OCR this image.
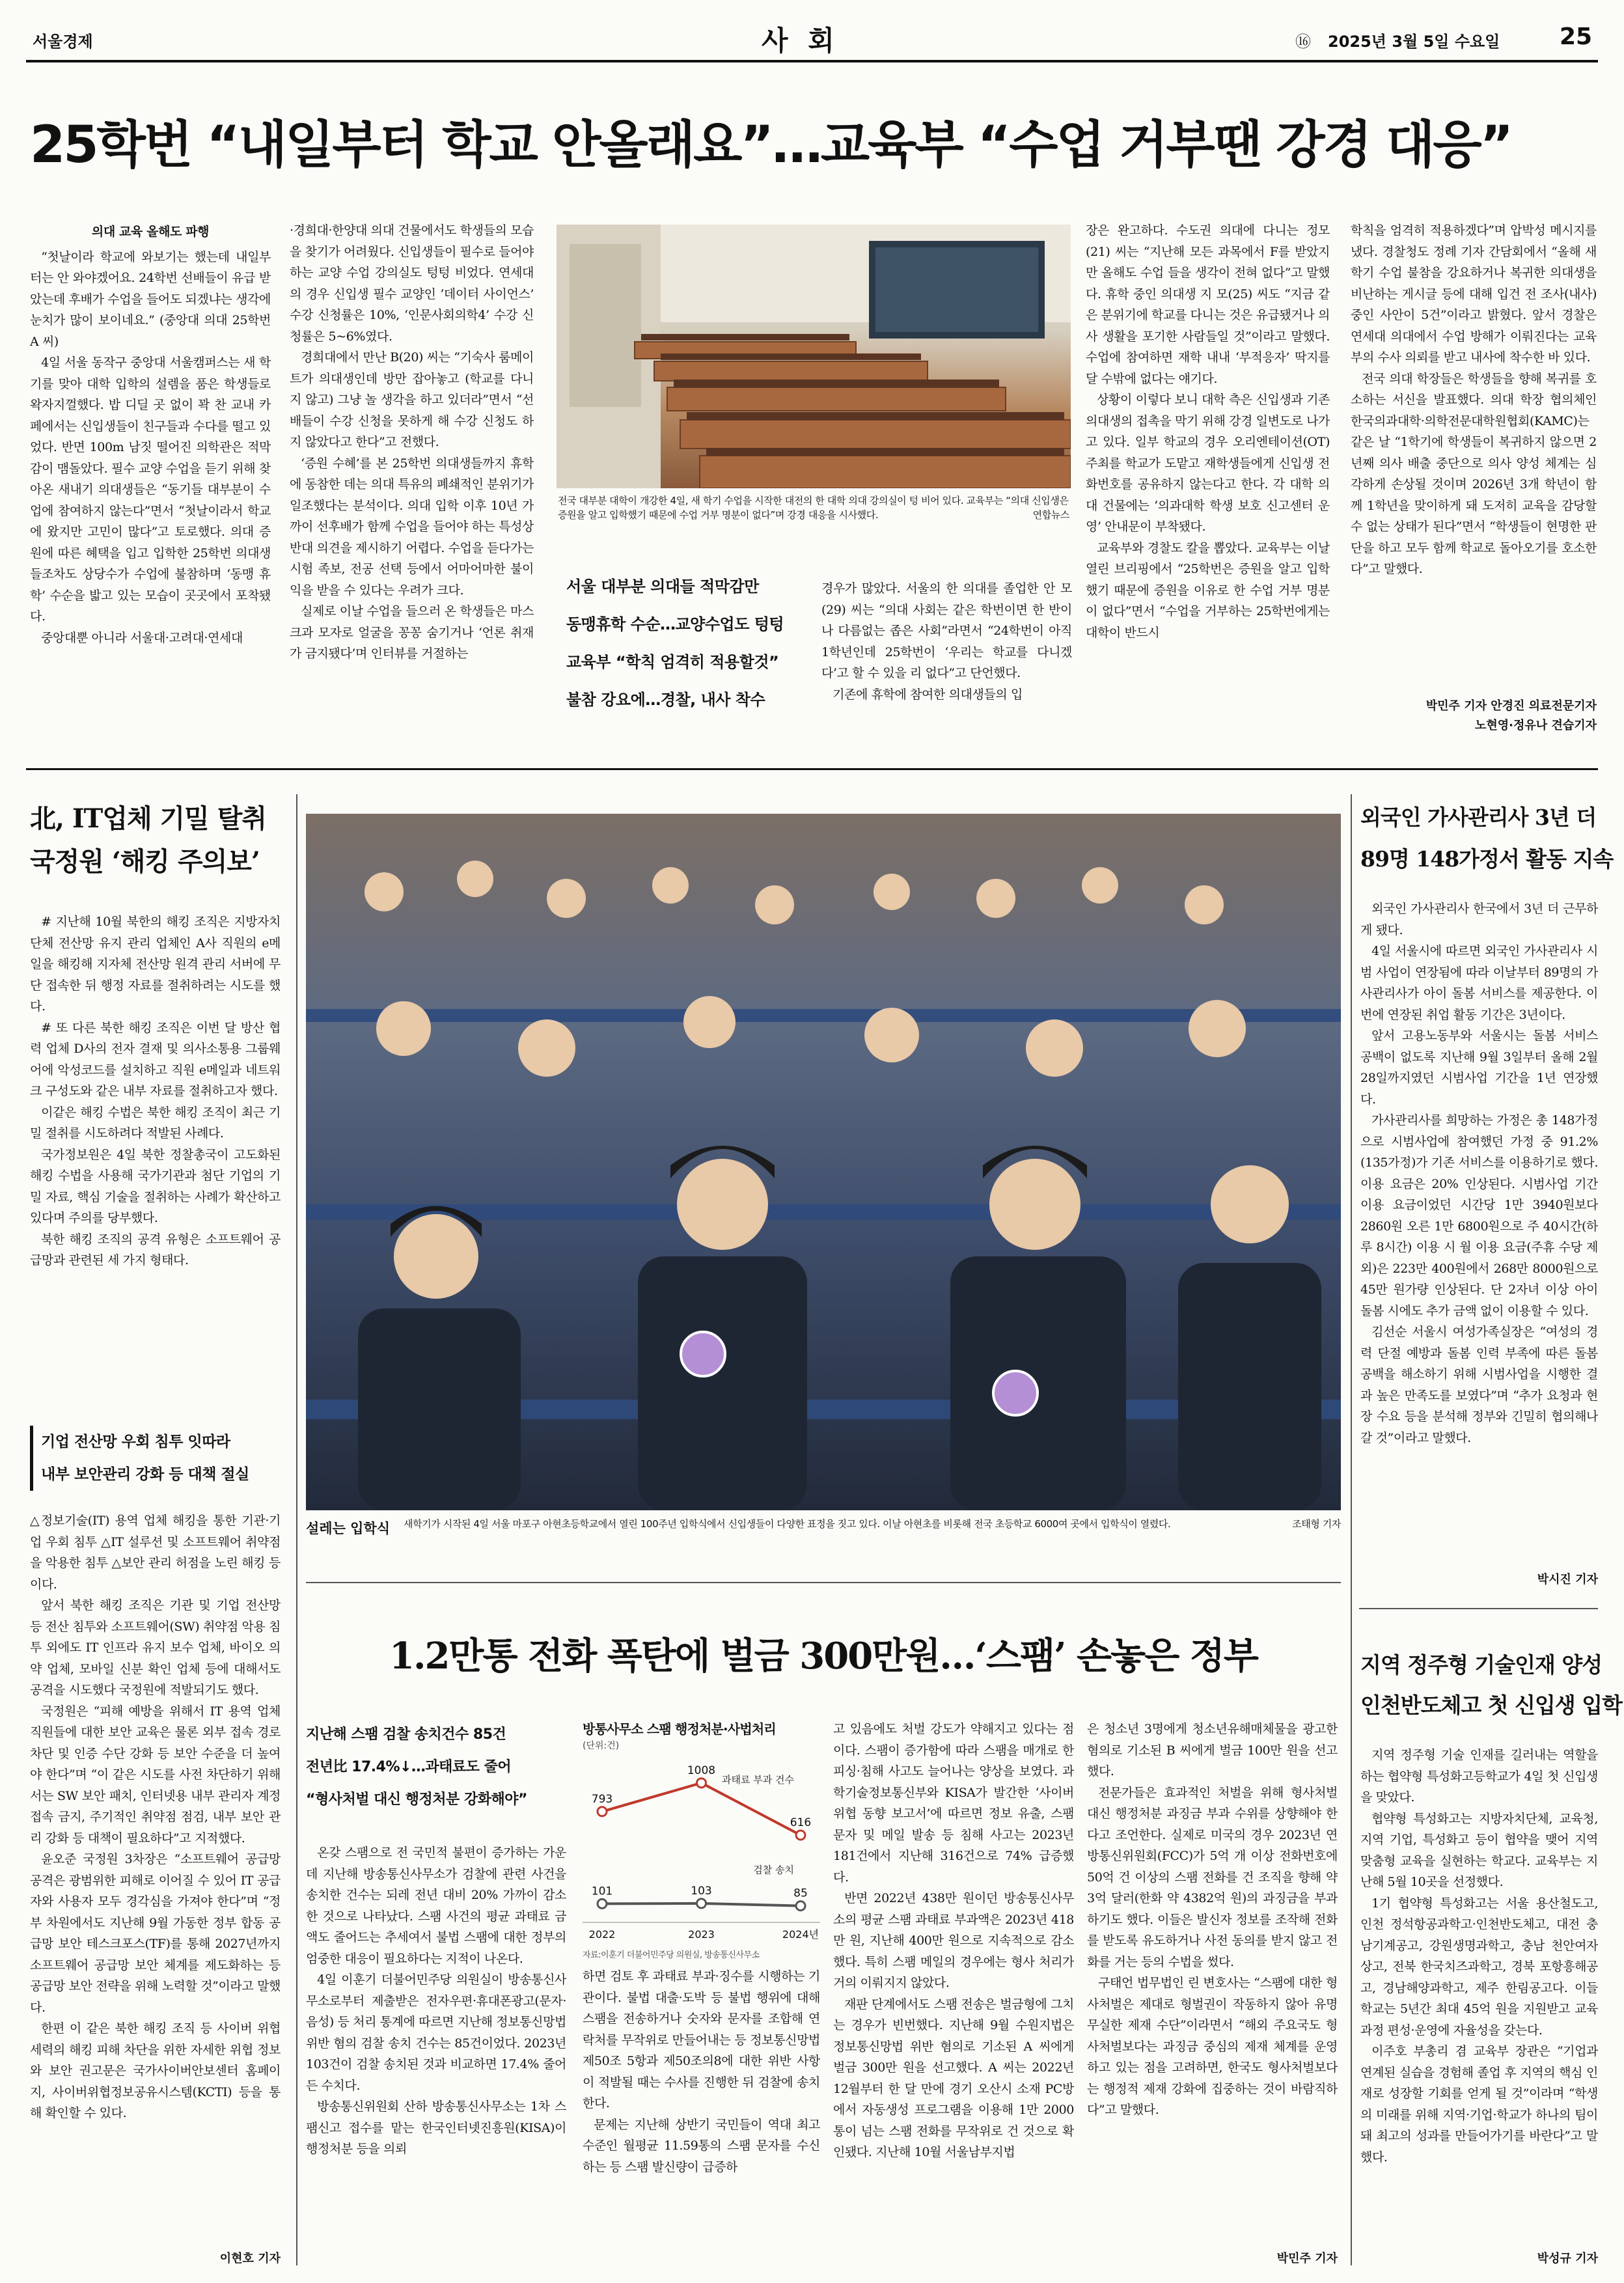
서울경제	사 회	⑯ 2025년 3월 5일 수요일	25
25학번 “내일부터 학교 안올래요”…교육부 “수업 거부땐 강경 대응”

의대 교육 올해도 파행

“첫날이라 학교에 와보기는 했는데 내일부터는 안 와야겠어요. 24학번 선배들이 유급 받았는데 후배가 수업을 들어도 되겠냐는 생각에 눈치가 많이 보이네요.” (중앙대 의대 25학번 A 씨)

4일 서울 동작구 중앙대 서울캠퍼스는 새 학기를 맞아 대학 입학의 설렘을 품은 학생들로 왁자지껄했다. 밥 디딜 곳 없이 꽉 찬 교내 카페에서는 신입생들이 친구들과 수다를 떨고 있었다. 반면 100m 남짓 떨어진 의학관은 적막감이 맴돌았다. 필수 교양 수업을 듣기 위해 찾아온 새내기 의대생들은 “동기들 대부분이 수업에 참여하지 않는다”면서 “첫날이라서 학교에 왔지만 고민이 많다”고 토로했다. 의대 증원에 따른 혜택을 입고 입학한 25학번 의대생들조차도 상당수가 수업에 불참하며 ‘동맹 휴학’ 수순을 밟고 있는 모습이 곳곳에서 포착됐다.

중앙대뿐 아니라 서울대·고려대·연세대

·경희대·한양대 의대 건물에서도 학생들의 모습을 찾기가 어려웠다. 신입생들이 필수로 들어야 하는 교양 수업 강의실도 텅텅 비었다. 연세대의 경우 신입생 필수 교양인 ‘데이터 사이언스’ 수강 신청률은 10%, ‘인문사회의학4’ 수강 신청률은 5~6%였다.

경희대에서 만난 B(20) 씨는 “기숙사 룸메이트가 의대생인데 방만 잡아놓고 (학교를 다니지 않고) 그냥 놀 생각을 하고 있더라”면서 “선배들이 수강 신청을 못하게 해 수강 신청도 하지 않았다고 한다”고 전했다.

‘증원 수혜’를 본 25학번 의대생들까지 휴학에 동참한 데는 의대 특유의 폐쇄적인 분위기가 일조했다는 분석이다. 의대 입학 이후 10년 가까이 선후배가 함께 수업을 들어야 하는 특성상 반대 의견을 제시하기 어렵다. 수업을 듣다가는 시험 족보, 전공 선택 등에서 어마어마한 불이익을 받을 수 있다는 우려가 크다.

실제로 이날 수업을 들으러 온 학생들은 마스크과 모자로 얼굴을 꽁꽁 숨기거나 ‘언론 취재가 금지됐다’며 인터뷰를 거절하는

전국 대부분 대학이 개강한 4일, 새 학기 수업을 시작한 대전의 한 대학 의대 강의실이 텅 비어 있다. 교육부는 “의대 신입생은 증원을 알고 입학했기 때문에 수업 거부 명분이 없다”며 강경 대응을 시사했다.	연합뉴스
서울 대부분 의대들 적막감만
동맹휴학 수순…교양수업도 텅텅
교육부 “학칙 엄격히 적용할것”
불참 강요에…경찰, 내사 착수

경우가 많았다. 서울의 한 의대를 졸업한 안 모(29) 씨는 “의대 사회는 같은 학번이면 한 반이나 다름없는 좁은 사회”라면서 “24학번이 아직 1학년인데 25학번이 ‘우리는 학교를 다니겠다’고 할 수 있을 리 없다”고 단언했다.

기존에 휴학에 참여한 의대생들의 입

장은 완고하다. 수도권 의대에 다니는 정모(21) 씨는 “지난해 모든 과목에서 F를 받았지만 올해도 수업 들을 생각이 전혀 없다”고 말했다. 휴학 중인 의대생 지 모(25) 씨도 “지금 같은 분위기에 학교를 다니는 것은 유급됐거나 의사 생활을 포기한 사람들일 것”이라고 말했다. 수업에 참여하면 재학 내내 ‘부적응자’ 딱지를 달 수밖에 없다는 얘기다.

상황이 이렇다 보니 대학 측은 신입생과 기존 의대생의 접촉을 막기 위해 강경 일변도로 나가고 있다. 일부 학교의 경우 오리엔테이션(OT) 주최를 학교가 도맡고 재학생들에게 신입생 전화번호를 공유하지 않는다고 한다. 각 대학 의대 건물에는 ‘의과대학 학생 보호 신고센터 운영’ 안내문이 부착됐다.

교육부와 경찰도 칼을 뽑았다. 교육부는 이날 열린 브리핑에서 “25학번은 증원을 알고 입학했기 때문에 증원을 이유로 한 수업 거부 명분이 없다”면서 “수업을 거부하는 25학번에게는 대학이 반드시

학칙을 엄격히 적용하겠다”며 압박성 메시지를 냈다. 경찰청도 정례 기자 간담회에서 “올해 새 학기 수업 불참을 강요하거나 복귀한 의대생을 비난하는 게시글 등에 대해 입건 전 조사(내사) 중인 사안이 5건”이라고 밝혔다. 앞서 경찰은 연세대 의대에서 수업 방해가 이뤄진다는 교육부의 수사 의뢰를 받고 내사에 착수한 바 있다.

전국 의대 학장들은 학생들을 향해 복귀를 호소하는 서신을 발표했다. 의대 학장 협의체인 한국의과대학·의학전문대학원협회(KAMC)는 같은 날 “1학기에 학생들이 복귀하지 않으면 2년째 의사 배출 중단으로 의사 양성 체계는 심각하게 손상될 것이며 2026년 3개 학년이 함께 1학년을 맞이하게 돼 도저히 교육을 감당할 수 없는 상태가 된다”면서 “학생들이 현명한 판단을 하고 모두 함께 학교로 돌아오기를 호소한다”고 말했다.

박민주 기자 안경진 의료전문기자
노현영·정유나 견습기자
北, IT업체 기밀 탈취
국정원 ‘해킹 주의보’

# 지난해 10월 북한의 해킹 조직은 지방자치단체 전산망 유지 관리 업체인 A사 직원의 e메일을 해킹해 지자체 전산망 원격 관리 서버에 무단 접속한 뒤 행정 자료를 절취하려는 시도를 했다.

# 또 다른 북한 해킹 조직은 이번 달 방산 협력 업체 D사의 전자 결재 및 의사소통용 그룹웨어에 악성코드를 설치하고 직원 e메일과 네트워크 구성도와 같은 내부 자료를 절취하고자 했다.

이같은 해킹 수법은 북한 해킹 조직이 최근 기밀 절취를 시도하려다 적발된 사례다.

국가정보원은 4일 북한 정찰총국이 고도화된 해킹 수법을 사용해 국가기관과 첨단 기업의 기밀 자료, 핵심 기술을 절취하는 사례가 확산하고 있다며 주의를 당부했다.

북한 해킹 조직의 공격 유형은 소프트웨어 공급망과 관련된 세 가지 형태다.

기업 전산망 우회 침투 잇따라
내부 보안관리 강화 등 대책 절실

△정보기술(IT) 용역 업체 해킹을 통한 기관·기업 우회 침투 △IT 설루션 및 소프트웨어 취약점을 악용한 침투 △보안 관리 허점을 노린 해킹 등이다.

앞서 북한 해킹 조직은 기관 및 기업 전산망 등 전산 침투와 소프트웨어(SW) 취약점 악용 침투 외에도 IT 인프라 유지 보수 업체, 바이오 의약 업체, 모바일 신분 확인 업체 등에 대해서도 공격을 시도했다 국정원에 적발되기도 했다.

국정원은 “피해 예방을 위해서 IT 용역 업체 직원들에 대한 보안 교육은 물론 외부 접속 경로 차단 및 인증 수단 강화 등 보안 수준을 더 높여야 한다”며 “이 같은 시도를 사전 차단하기 위해서는 SW 보안 패치, 인터넷용 내부 관리자 계정 접속 금지, 주기적인 취약점 점검, 내부 보안 관리 강화 등 대책이 필요하다”고 지적했다.

윤오준 국정원 3차장은 “소프트웨어 공급망 공격은 광범위한 피해로 이어질 수 있어 IT 공급자와 사용자 모두 경각심을 가져야 한다”며 “정부 차원에서도 지난해 9월 가동한 정부 합동 공급망 보안 테스크포스(TF)를 통해 2027년까지 소프트웨어 공급망 보안 체계를 제도화하는 등 공급망 보안 전략을 위해 노력할 것”이라고 말했다.

한편 이 같은 북한 해킹 조직 등 사이버 위협 세력의 해킹 피해 차단을 위한 자세한 위협 정보와 보안 권고문은 국가사이버안보센터 홈페이지, 사이버위협정보공유시스템(KCTI) 등을 통해 확인할 수 있다.

이현호 기자
설레는 입학식 새학기가 시작된 4일 서울 마포구 아현초등학교에서 열린 100주년 입학식에서 신입생들이 다양한 표정을 짓고 있다. 이날 아현초를 비롯해 전국 초등학교 6000여 곳에서 입학식이 열렸다.	조태형 기자
외국인 가사관리사 3년 더
89명 148가정서 활동 지속

외국인 가사관리사 한국에서 3년 더 근무하게 됐다.

4일 서울시에 따르면 외국인 가사관리사 시범 사업이 연장됨에 따라 이날부터 89명의 가사관리사가 아이 돌봄 서비스를 제공한다. 이번에 연장된 취업 활동 기간은 3년이다.

앞서 고용노동부와 서울시는 돌봄 서비스 공백이 없도록 지난해 9월 3일부터 올해 2월 28일까지였던 시범사업 기간을 1년 연장했다.

가사관리사를 희망하는 가정은 총 148가정으로 시범사업에 참여했던 가정 중 91.2%(135가정)가 기존 서비스를 이용하기로 했다. 이용 요금은 20% 인상된다. 시범사업 기간 이용 요금이었던 시간당 1만 3940원보다 2860원 오른 1만 6800원으로 주 40시간(하루 8시간) 이용 시 월 이용 요금(주휴 수당 제외)은 223만 400원에서 268만 8000원으로 45만 원가량 인상된다. 단 2자녀 이상 아이 돌봄 시에도 추가 금액 없이 이용할 수 있다.

김선순 서울시 여성가족실장은 “여성의 경력 단절 예방과 돌봄 인력 부족에 따른 돌봄 공백을 해소하기 위해 시범사업을 시행한 결과 높은 만족도를 보였다”며 “추가 요청과 현장 수요 등을 분석해 정부와 긴밀히 협의해나갈 것”이라고 말했다.

박시진 기자
지역 정주형 기술인재 양성
인천반도체고 첫 신입생 입학

지역 정주형 기술 인재를 길러내는 역할을 하는 협약형 특성화고등학교가 4일 첫 신입생을 맞았다.

협약형 특성화고는 지방자치단체, 교육청, 지역 기업, 특성화고 등이 협약을 맺어 지역 맞춤형 교육을 실현하는 학교다. 교육부는 지난해 5월 10곳을 선정했다.

1기 협약형 특성화고는 서울 용산철도고, 인천 정석항공과학고·인천반도체고, 대전 충남기계공고, 강원생명과학고, 충남 천안여자상고, 전북 한국치즈과학고, 경북 포항흥해공고, 경남해양과학고, 제주 한림공고다. 이들 학교는 5년간 최대 45억 원을 지원받고 교육과정 편성·운영에 자율성을 갖는다.

이주호 부총리 겸 교육부 장관은 “기업과 연계된 실습을 경험해 졸업 후 지역의 핵심 인재로 성장할 기회를 얻게 될 것”이라며 “학생의 미래를 위해 지역·기업·학교가 하나의 팀이 돼 최고의 성과를 만들어가기를 바란다”고 말했다.

박성규 기자
1.2만통 전화 폭탄에 벌금 300만원…‘스팸’ 손놓은 정부
지난해 스팸 검찰 송치건수 85건
전년比 17.4%↓…과태료도 줄어
“형사처벌 대신 행정처분 강화해야”

온갖 스팸으로 전 국민적 불편이 증가하는 가운데 지난해 방송통신사무소가 검찰에 관련 사건을 송치한 건수는 되레 전년 대비 20% 가까이 감소한 것으로 나타났다. 스팸 사건의 평균 과태료 금액도 줄어드는 추세여서 불법 스팸에 대한 정부의 엄중한 대응이 필요하다는 지적이 나온다.

4일 이훈기 더불어민주당 의원실이 방송통신사무소로부터 제출받은 전자우편·휴대폰광고(문자·음성) 등 처리 통계에 따르면 지난해 정보통신망법 위반 혐의 검찰 송치 건수는 85건이었다. 2023년 103건이 검찰 송치된 것과 비교하면 17.4% 줄어든 수치다.

방송통신위원회 산하 방송통신사무소는 1차 스팸신고 접수를 맡는 한국인터넷진흥원(KISA)이 행정처분 등을 의뢰

방통사무소 스팸 행정처분·사법처리
(단위:건)
793
1008
616
과태료 부과 건수
101	103	85
검찰 송치
2022	2023	2024년
자료:이훈기 더불어민주당 의원실, 방송통신사무소

하면 검토 후 과태료 부과·징수를 시행하는 기관이다. 불법 대출·도박 등 불법 행위에 대해 스팸을 전송하거나 숫자와 문자를 조합해 연락처를 무작위로 만들어내는 등 정보통신망법 제50조 5항과 제50조의8에 대한 위반 사항이 적발될 때는 수사를 진행한 뒤 검찰에 송치한다.

문제는 지난해 상반기 국민들이 역대 최고 수준인 월평균 11.59통의 스팸 문자를 수신하는 등 스팸 발신량이 급증하

고 있음에도 처벌 강도가 약해지고 있다는 점이다. 스팸이 증가함에 따라 스팸을 매개로 한 피싱·침해 사고도 늘어나는 양상을 보였다. 과학기술정보통신부와 KISA가 발간한 ‘사이버 위협 동향 보고서’에 따르면 정보 유출, 스팸 문자 및 메일 발송 등 침해 사고는 2023년 181건에서 지난해 316건으로 74% 급증했다.

반면 2022년 438만 원이던 방송통신사무소의 평균 스팸 과태료 부과액은 2023년 418만 원, 지난해 400만 원으로 지속적으로 감소했다. 특히 스팸 메일의 경우에는 형사 처리가 거의 이뤄지지 않았다.

재판 단계에서도 스팸 전송은 벌금형에 그치는 경우가 빈번했다. 지난해 9월 수원지법은 정보통신망법 위반 혐의로 기소된 A 씨에게 벌금 300만 원을 선고했다. A 씨는 2022년 12월부터 한 달 만에 경기 오산시 소재 PC방에서 자동생성 프로그램을 이용해 1만 2000통이 넘는 스팸 전화를 무작위로 건 것으로 확인됐다. 지난해 10월 서울남부지법

은 청소년 3명에게 청소년유해매체물을 광고한 혐의로 기소된 B 씨에게 벌금 100만 원을 선고했다.

전문가들은 효과적인 처벌을 위해 형사처벌 대신 행정처분 과징금 부과 수위를 상향해야 한다고 조언한다. 실제로 미국의 경우 2023년 연방통신위원회(FCC)가 5억 개 이상 전화번호에 50억 건 이상의 스팸 전화를 건 조직을 향해 약 3억 달러(한화 약 4382억 원)의 과징금을 부과하기도 했다. 이들은 발신자 정보를 조작해 전화를 받도록 유도하거나 사전 동의를 받지 않고 전화를 거는 등의 수법을 썼다.

구태언 법무법인 린 변호사는 “스팸에 대한 형사처벌은 제대로 형벌권이 작동하지 않아 유명무실한 제재 수단”이라면서 “해외 주요국도 형사처벌보다는 과징금 중심의 제재 체계를 운영하고 있는 점을 고려하면, 한국도 형사처벌보다는 행정적 제재 강화에 집중하는 것이 바람직하다”고 말했다.

박민주 기자
